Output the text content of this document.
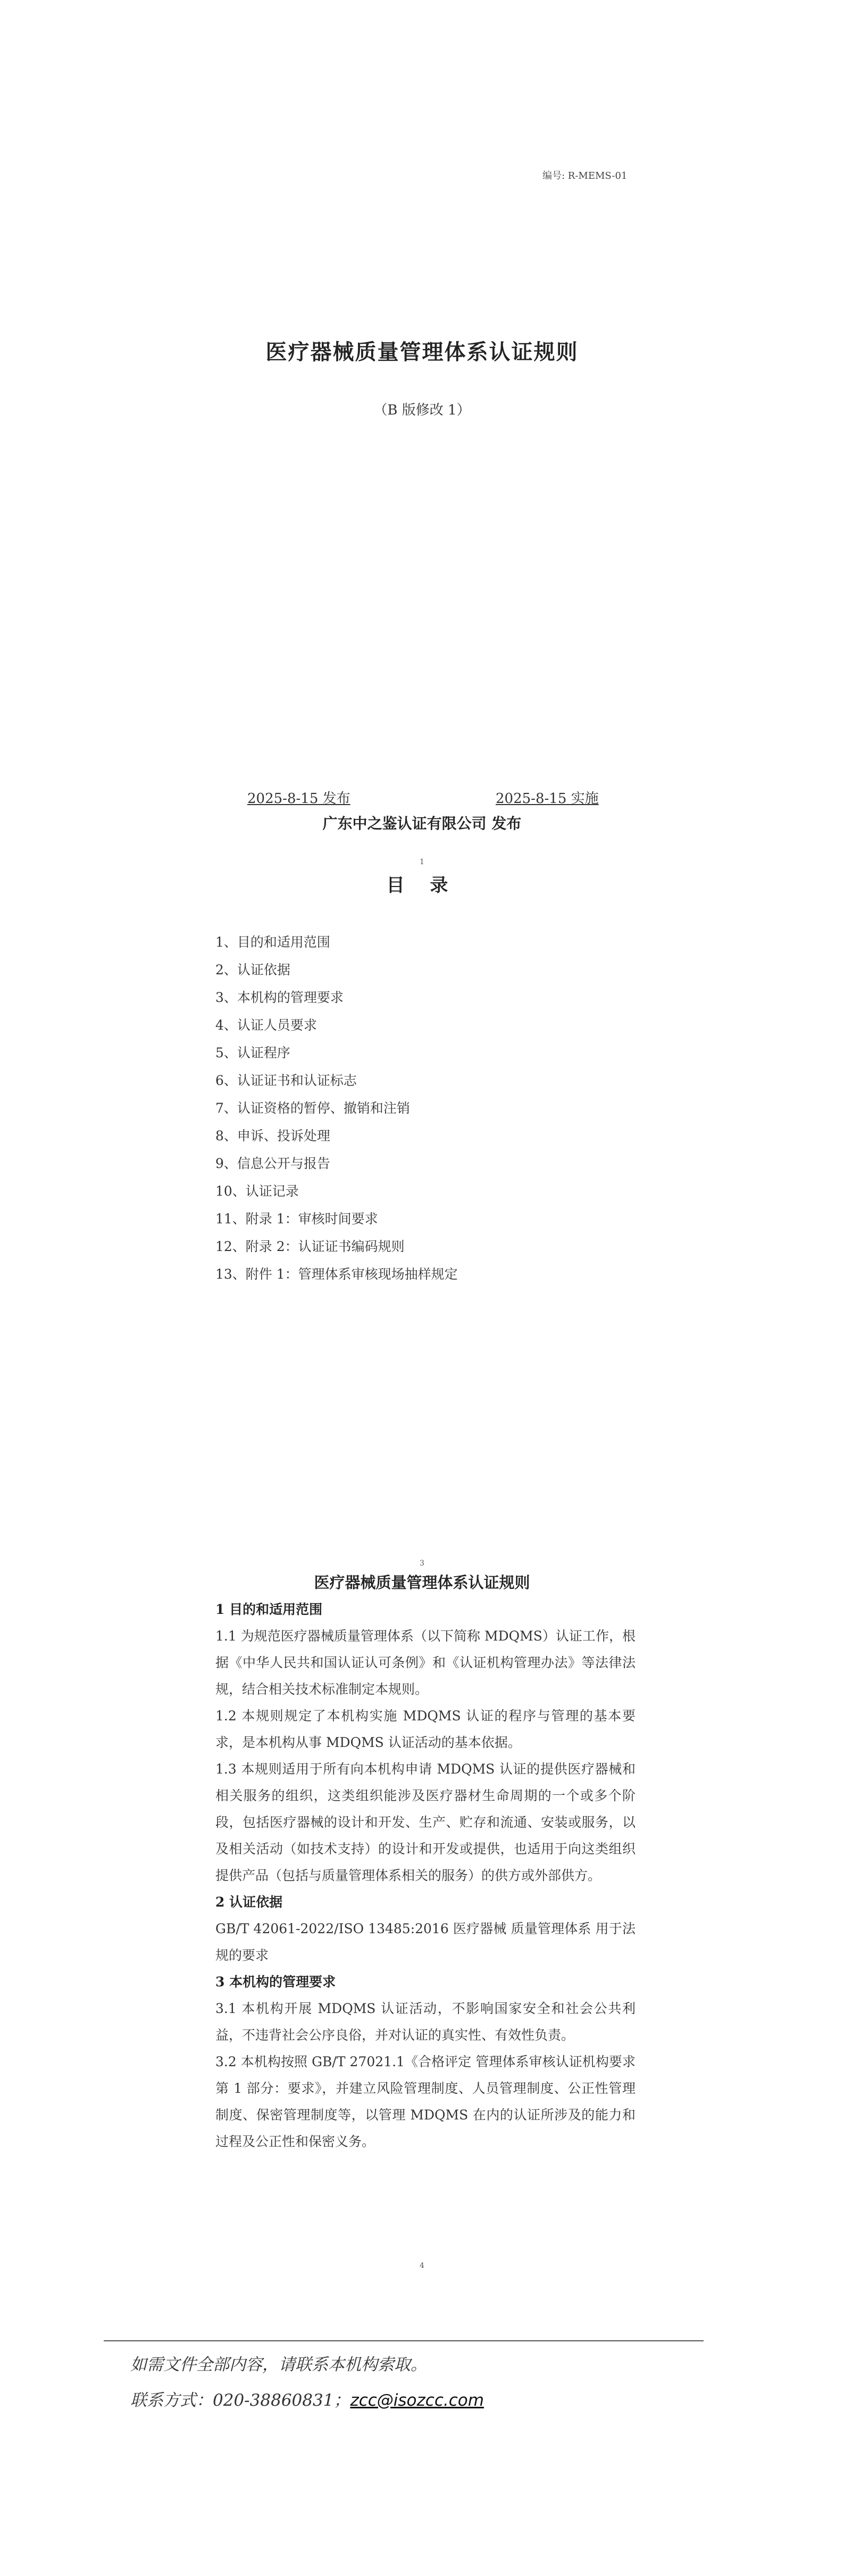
编号: R-MEMS-01
医疗器械质量管理体系认证规则
（B 版修改 1）
2025-8-15 发布	2025-8-15 实施
广东中之鉴认证有限公司 发布
1
目 录
1、目的和适用范围
2、认证依据
3、本机构的管理要求
4、认证人员要求
5、认证程序
6、认证证书和认证标志
7、认证资格的暂停、撤销和注销
8、申诉、投诉处理
9、信息公开与报告
10、认证记录
11、附录 1：审核时间要求
12、附录 2：认证证书编码规则
13、附件 1：管理体系审核现场抽样规定
3
医疗器械质量管理体系认证规则
1 目的和适用范围

1.1 为规范医疗器械质量管理体系（以下简称 MDQMS）认证工作，根据《中华人民共和国认证认可条例》和《认证机构管理办法》等法律法规，结合相关技术标准制定本规则。

1.2 本规则规定了本机构实施 MDQMS 认证的程序与管理的基本要求，是本机构从事 MDQMS 认证活动的基本依据。

1.3 本规则适用于所有向本机构申请 MDQMS 认证的提供医疗器械和相关服务的组织，这类组织能涉及医疗器材生命周期的一个或多个阶段，包括医疗器械的设计和开发、生产、贮存和流通、安装或服务，以及相关活动（如技术支持）的设计和开发或提供，也适用于向这类组织提供产品（包括与质量管理体系相关的服务）的供方或外部供方。

2 认证依据

GB/T 42061-2022/ISO 13485:2016 医疗器械 质量管理体系 用于法规的要求

3 本机构的管理要求

3.1 本机构开展 MDQMS 认证活动，不影响国家安全和社会公共利益，不违背社会公序良俗，并对认证的真实性、有效性负责。

3.2 本机构按照 GB/T 27021.1《合格评定 管理体系审核认证机构要求 第 1 部分：要求》，并建立风险管理制度、人员管理制度、公正性管理制度、保密管理制度等，以管理 MDQMS 在内的认证所涉及的能力和过程及公正性和保密义务。

4
如需文件全部内容，请联系本机构索取。
联系方式：020-38860831；zcc@isozcc.com
